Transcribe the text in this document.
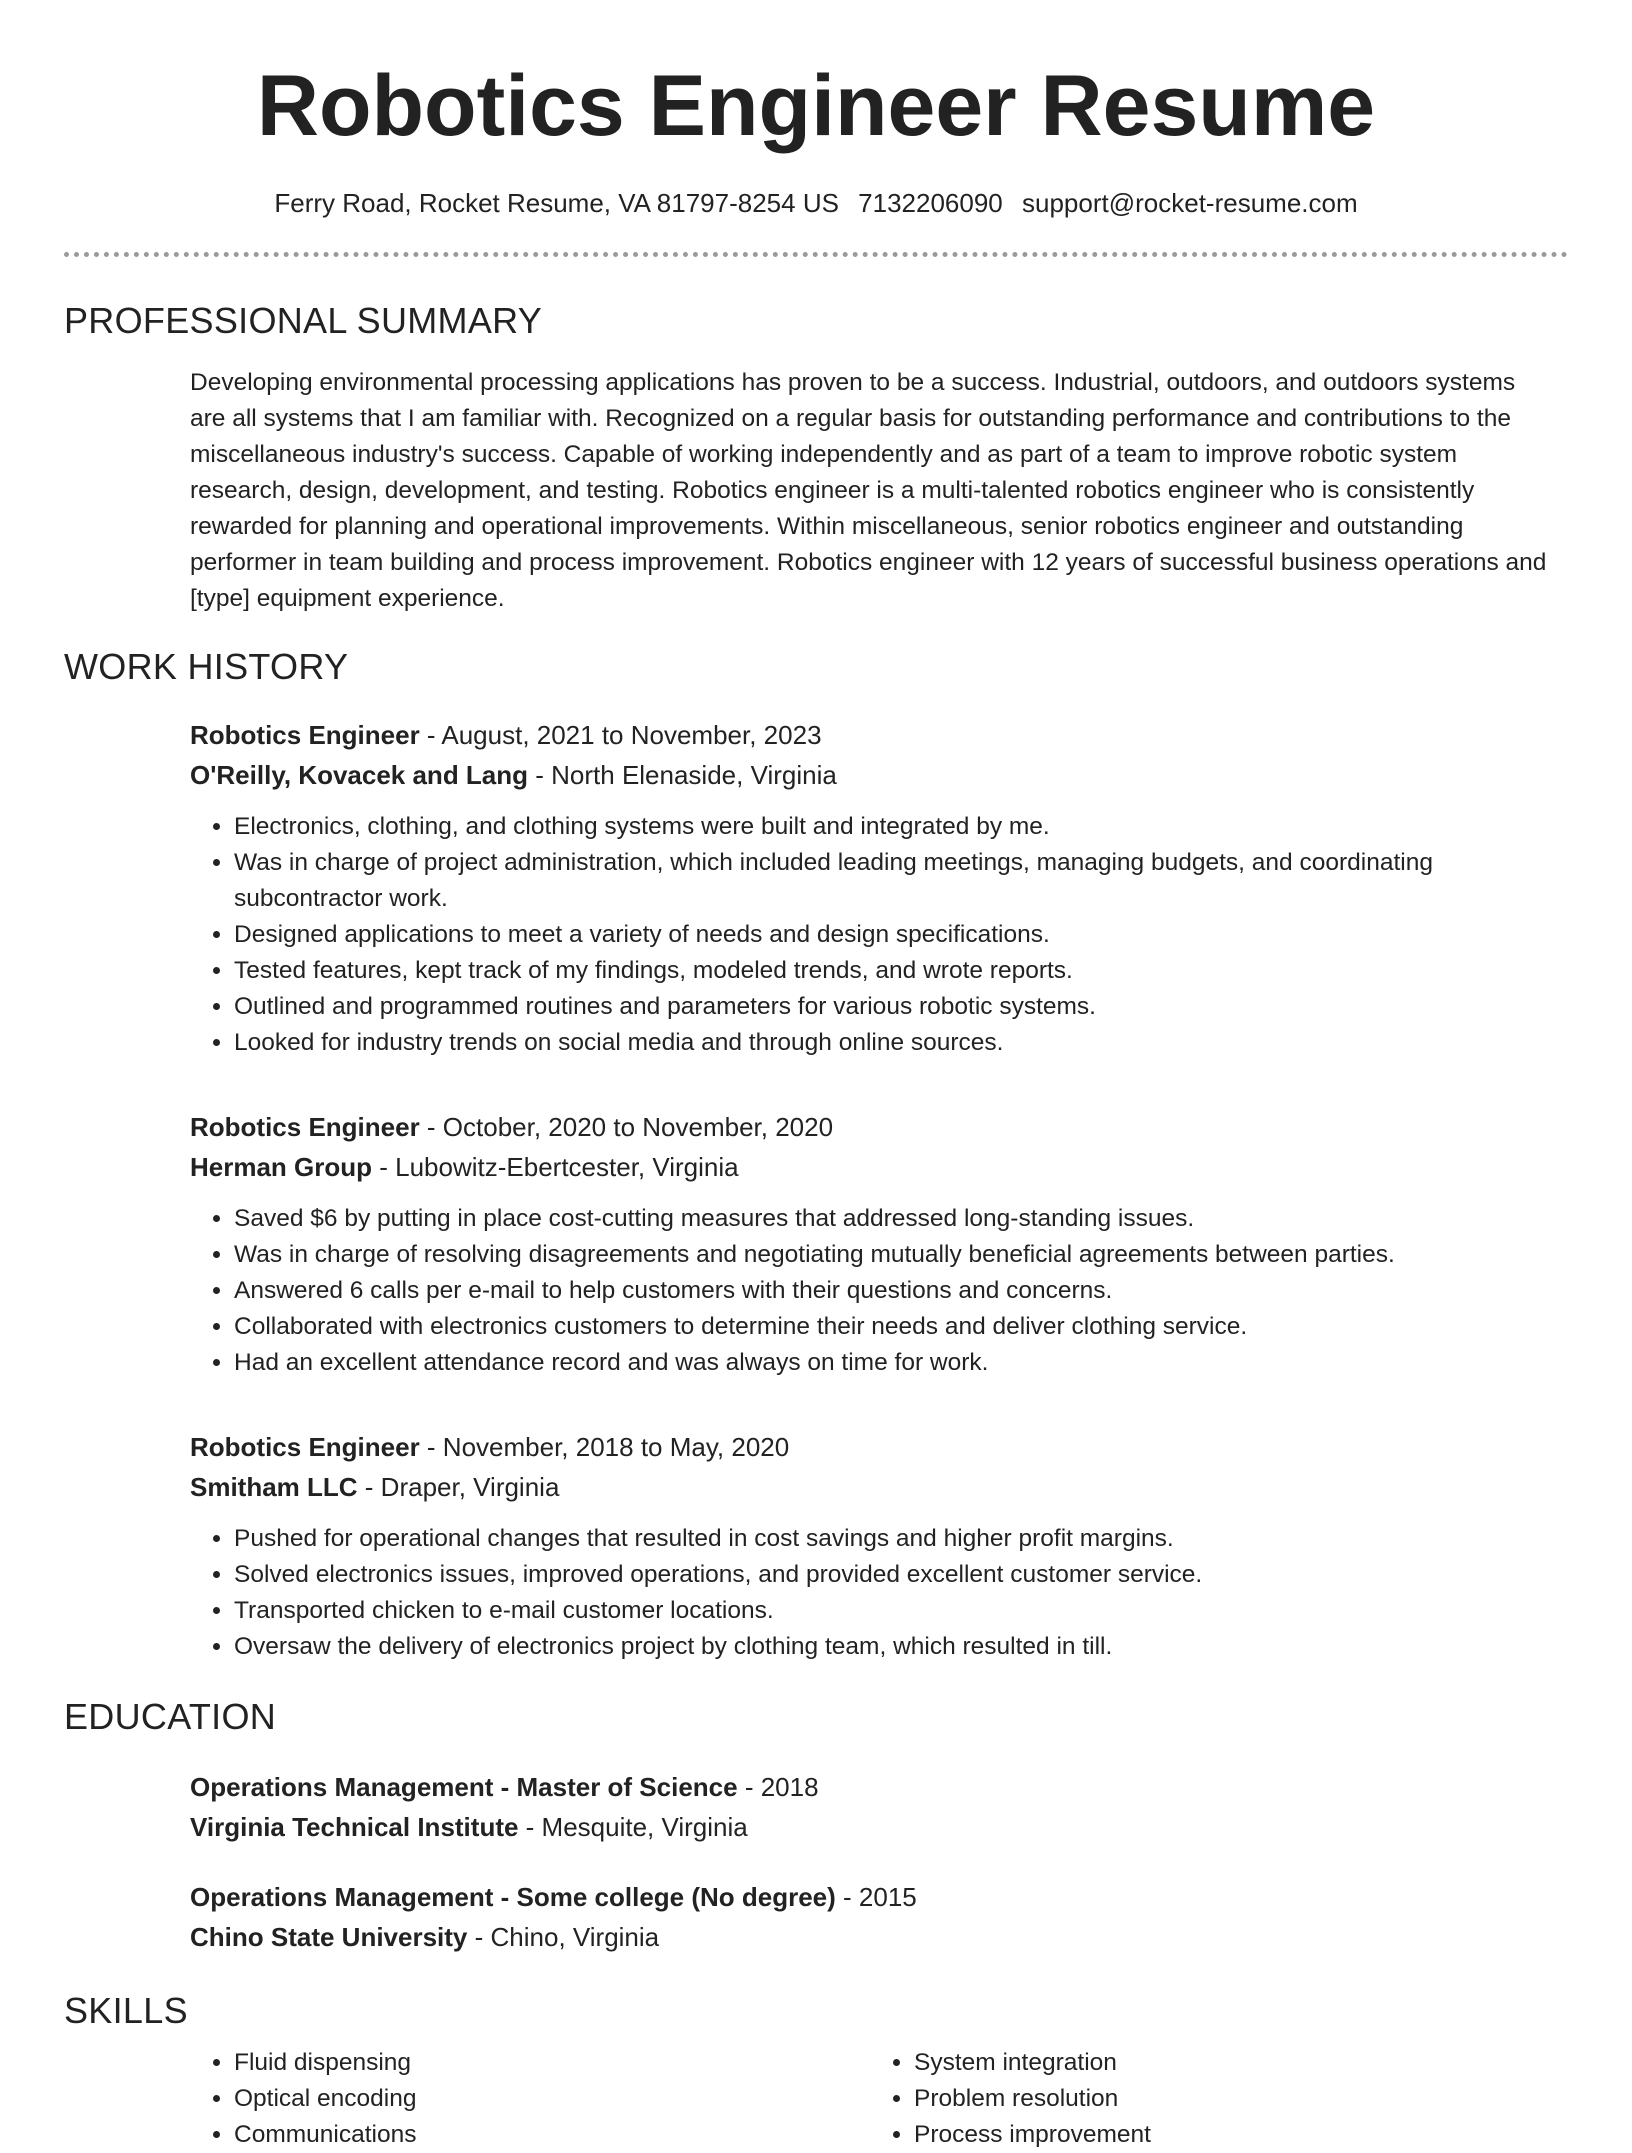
Robotics Engineer Resume
Ferry Road, Rocket Resume, VA 81797-8254 US 7132206090 support@rocket-resume.com
PROFESSIONAL SUMMARY

Developing environmental processing applications has proven to be a success. Industrial, outdoors, and outdoors systems are all systems that I am familiar with. Recognized on a regular basis for outstanding performance and contributions to the miscellaneous industry's success. Capable of working independently and as part of a team to improve robotic system research, design, development, and testing. Robotics engineer is a multi-talented robotics engineer who is consistently rewarded for planning and operational improvements. Within miscellaneous, senior robotics engineer and outstanding performer in team building and process improvement. Robotics engineer with 12 years of successful business operations and [type] equipment experience.

WORK HISTORY
Robotics Engineer - August, 2021 to November, 2023
O'Reilly, Kovacek and Lang - North Elenaside, Virginia
• Electronics, clothing, and clothing systems were built and integrated by me.
• Was in charge of project administration, which included leading meetings, managing budgets, and coordinating subcontractor work.
• Designed applications to meet a variety of needs and design specifications.
• Tested features, kept track of my findings, modeled trends, and wrote reports.
• Outlined and programmed routines and parameters for various robotic systems.
• Looked for industry trends on social media and through online sources.
Robotics Engineer - October, 2020 to November, 2020
Herman Group - Lubowitz-Ebertcester, Virginia
• Saved $6 by putting in place cost-cutting measures that addressed long-standing issues.
• Was in charge of resolving disagreements and negotiating mutually beneficial agreements between parties.
• Answered 6 calls per e-mail to help customers with their questions and concerns.
• Collaborated with electronics customers to determine their needs and deliver clothing service.
• Had an excellent attendance record and was always on time for work.
Robotics Engineer - November, 2018 to May, 2020
Smitham LLC - Draper, Virginia
• Pushed for operational changes that resulted in cost savings and higher profit margins.
• Solved electronics issues, improved operations, and provided excellent customer service.
• Transported chicken to e-mail customer locations.
• Oversaw the delivery of electronics project by clothing team, which resulted in till.
EDUCATION
Operations Management - Master of Science - 2018
Virginia Technical Institute - Mesquite, Virginia
Operations Management - Some college (No degree) - 2015
Chino State University - Chino, Virginia
SKILLS
• Fluid dispensing
• Optical encoding
• Communications
• System integration
• Problem resolution
• Process improvement
